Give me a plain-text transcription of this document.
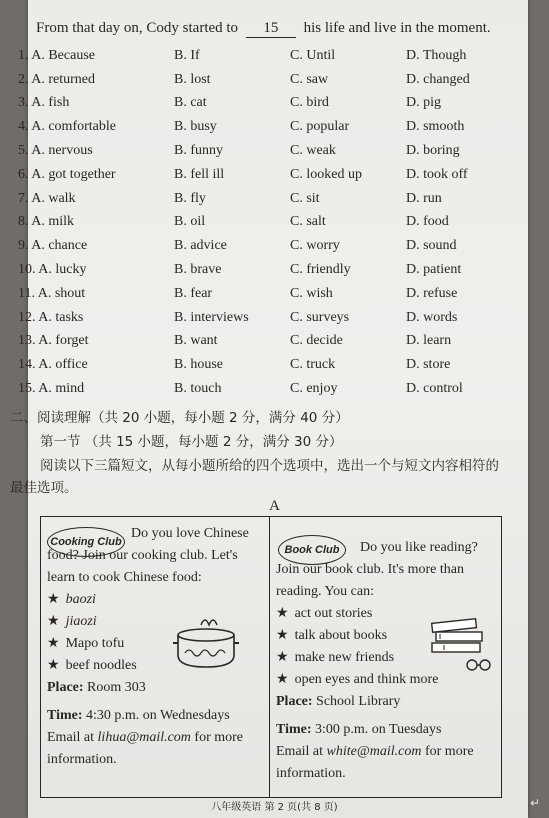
From that day on, Cody started to 15 his life and live in the moment.
1. A. Because	B. If	C. Until	D. Though
2. A. returned	B. lost	C. saw	D. changed
3. A. fish	B. cat	C. bird	D. pig
4. A. comfortable	B. busy	C. popular	D. smooth
5. A. nervous	B. funny	C. weak	D. boring
6. A. got together	B. fell ill	C. looked up	D. took off
7. A. walk	B. fly	C. sit	D. run
8. A. milk	B. oil	C. salt	D. food
9. A. chance	B. advice	C. worry	D. sound
10. A. lucky	B. brave	C. friendly	D. patient
11. A. shout	B. fear	C. wish	D. refuse
12. A. tasks	B. interviews	C. surveys	D. words
13. A. forget	B. want	C. decide	D. learn
14. A. office	B. house	C. truck	D. store
15. A. mind	B. touch	C. enjoy	D. control
二、阅读理解（共 20 小题，每小题 2 分，满分 40 分）
第一节 （共 15 小题，每小题 2 分，满分 30 分）
阅读以下三篇短文，从每小题所给的四个选项中，选出一个与短文内容相符的最佳选项。
A
Cooking Club
Do you love Chinese food? Join our cooking club. Let's learn to cook Chinese food:
★ baozi
★ jiaozi
★ Mapo tofu
★ beef noodles
Place: Room 303
Time: 4:30 p.m. on Wednesdays
Email at lihua@mail.com for more information.
Book Club	Do you like reading? Join our book club. It's more than reading. You can:
★ act out stories
★ talk about books
★ make new friends
★ open eyes and think more
Place: School Library
Time: 3:00 p.m. on Tuesdays
Email at white@mail.com for more information.
八年级英语 第 2 页(共 8 页)	↵
